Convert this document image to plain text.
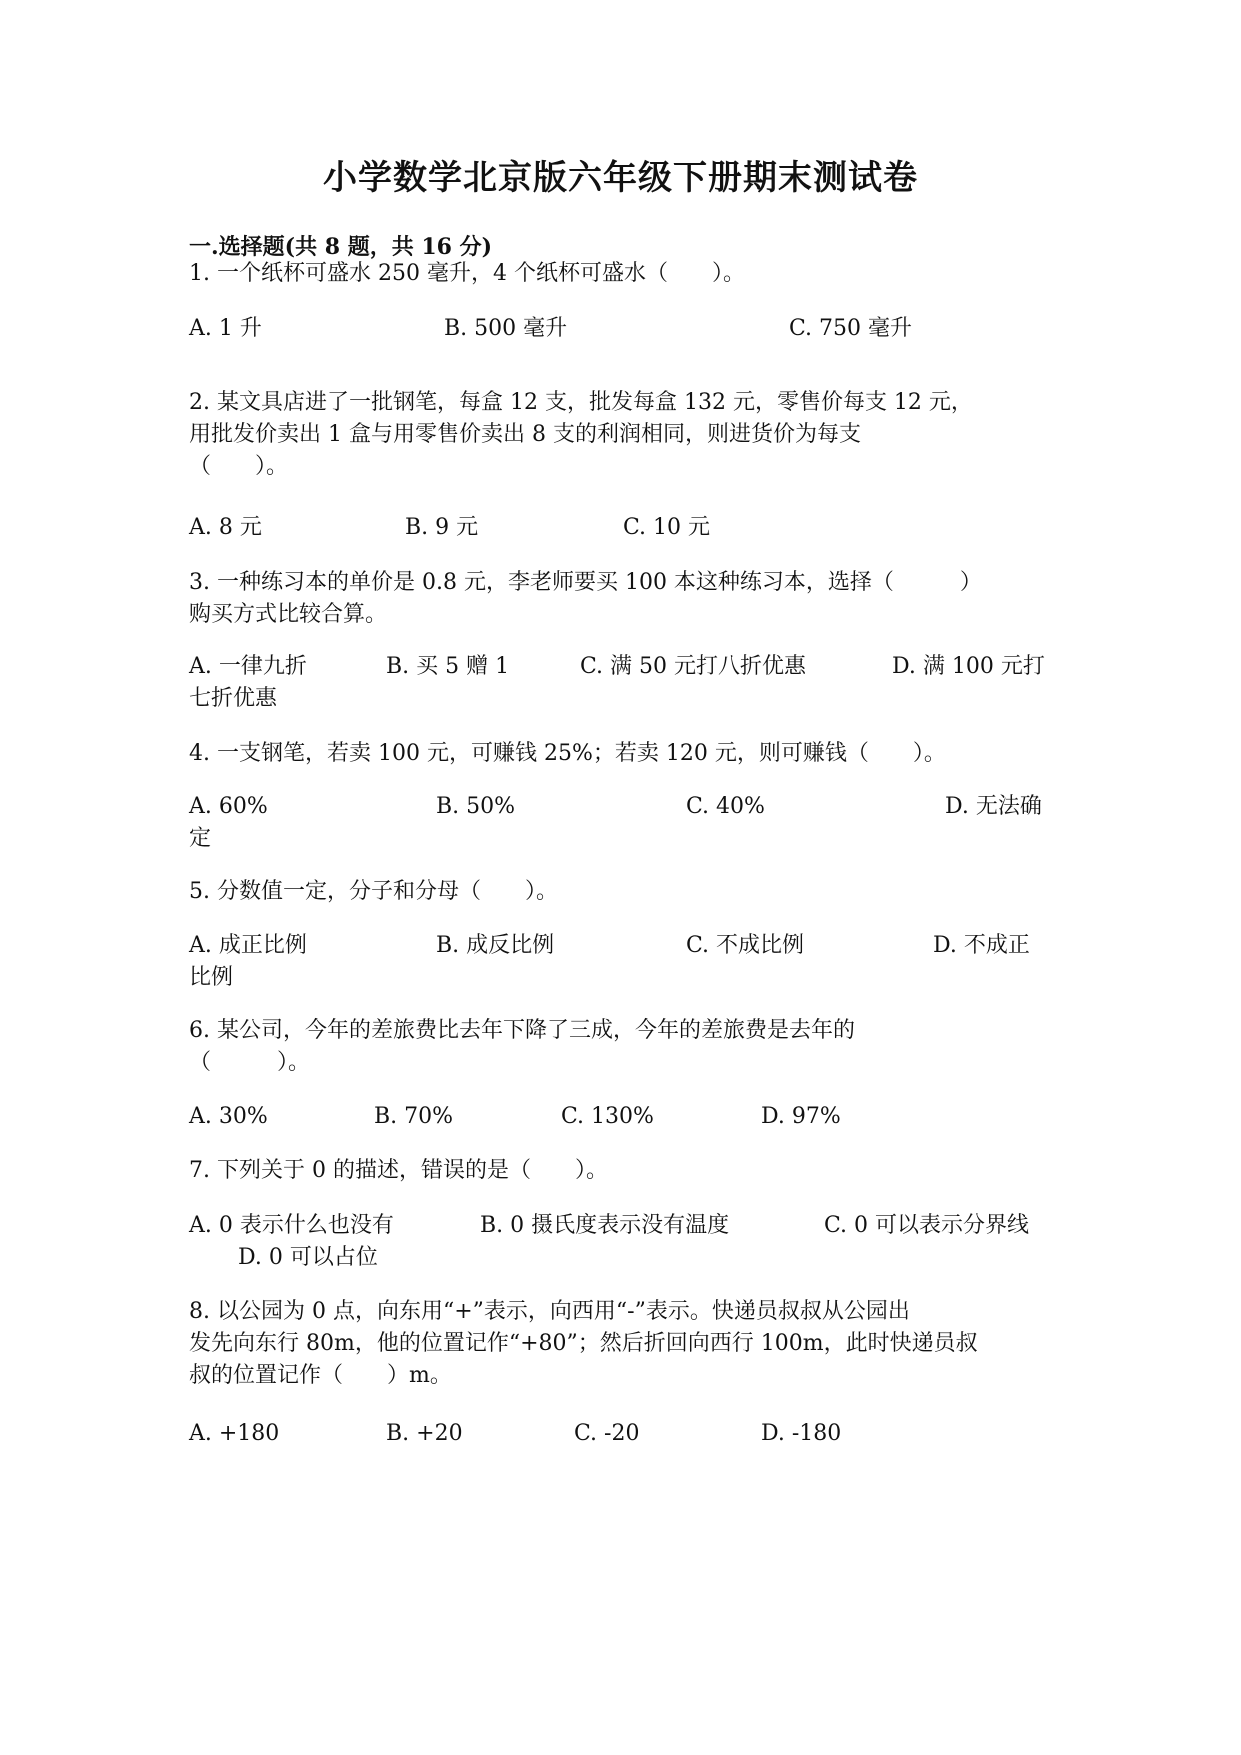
小学数学北京版六年级下册期末测试卷
一.选择题(共 8 题，共 16 分)
1. 一个纸杯可盛水 250 毫升，4 个纸杯可盛水（　　）。
A. 1 升	B. 500 毫升	C. 750 毫升
2. 某文具店进了一批钢笔，每盒 12 支，批发每盒 132 元，零售价每支 12 元，
用批发价卖出 1 盒与用零售价卖出 8 支的利润相同，则进货价为每支
（　　）。
A. 8 元	B. 9 元	C. 10 元
3. 一种练习本的单价是 0.8 元，李老师要买 100 本这种练习本，选择（　　　）
购买方式比较合算。
A. 一律九折	B. 买 5 赠 1	C. 满 50 元打八折优惠	D. 满 100 元打
七折优惠
4. 一支钢笔，若卖 100 元，可赚钱 25%；若卖 120 元，则可赚钱（　　）。
A. 60%	B. 50%	C. 40%	D. 无法确
定
5. 分数值一定，分子和分母（　　）。
A. 成正比例	B. 成反比例	C. 不成比例	D. 不成正
比例
6. 某公司，今年的差旅费比去年下降了三成，今年的差旅费是去年的
（　　　）。
A. 30%	B. 70%	C. 130%	D. 97%
7. 下列关于 0 的描述，错误的是（　　）。
A. 0 表示什么也没有	B. 0 摄氏度表示没有温度	C. 0 可以表示分界线
D. 0 可以占位
8. 以公园为 0 点，向东用“+”表示，向西用“-”表示。快递员叔叔从公园出
发先向东行 80m，他的位置记作“+80”；然后折回向西行 100m，此时快递员叔
叔的位置记作（　　）m。
A. +180	B. +20	C. -20	D. -180
